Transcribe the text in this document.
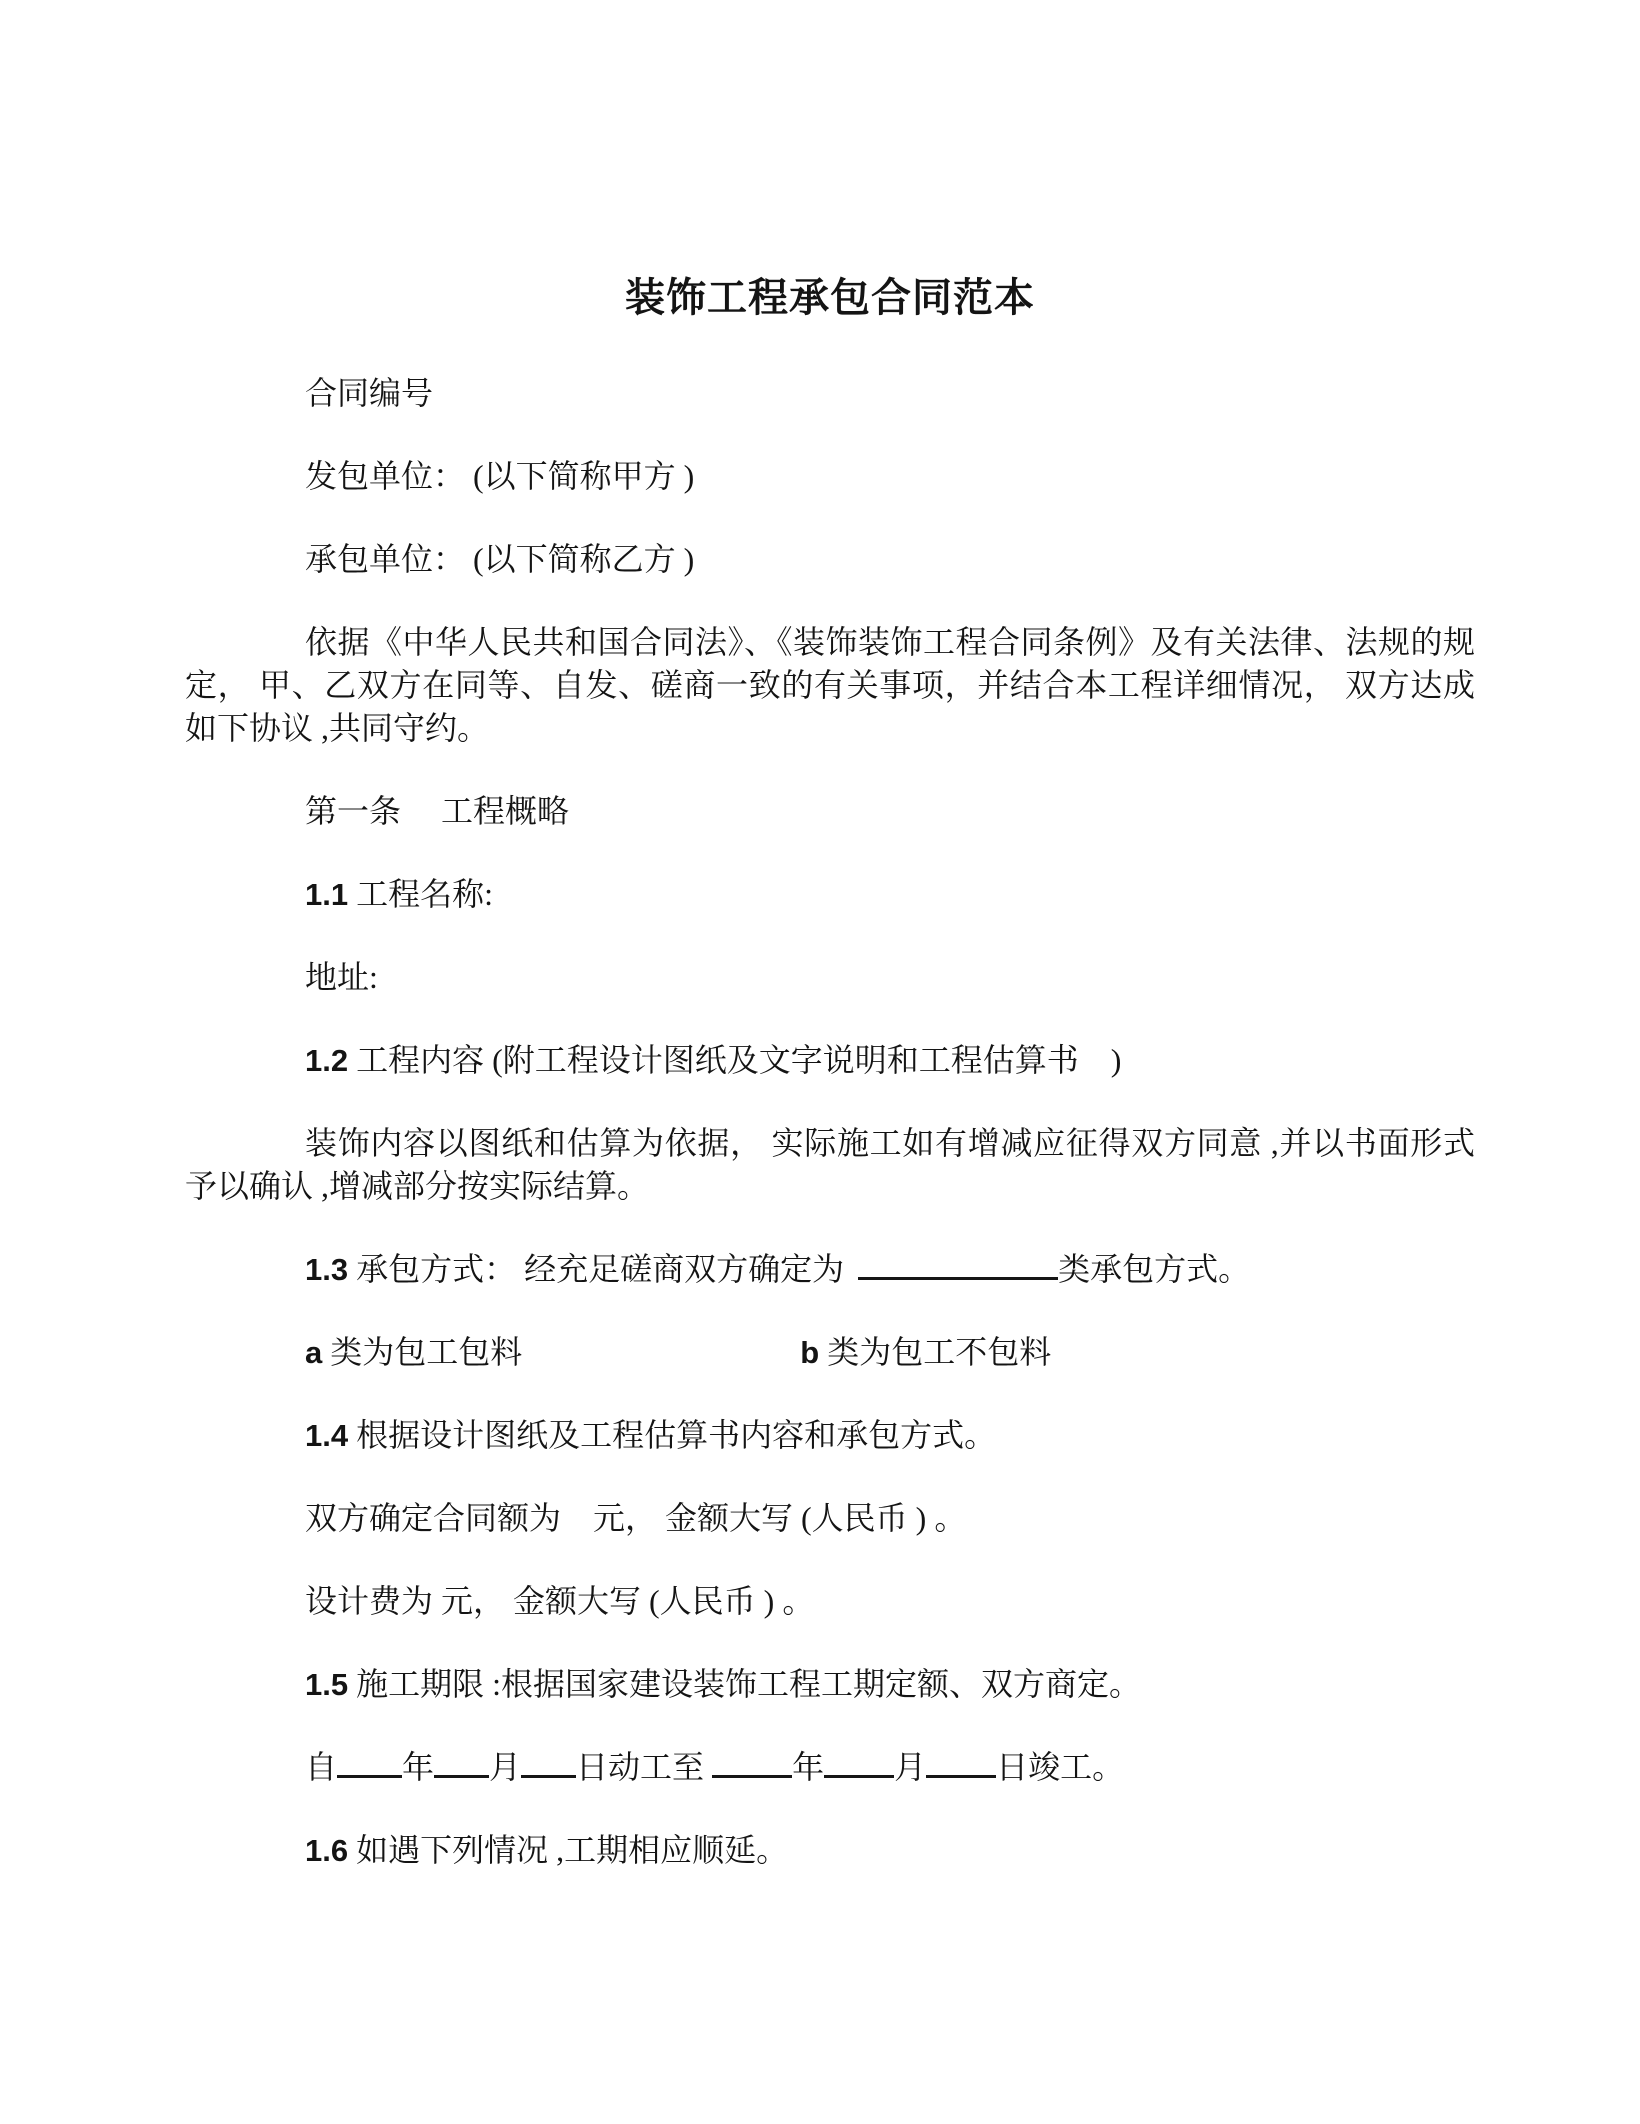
装饰工程承包合同范本
合同编号
发包单位： (以下简称甲方 )
承包单位： (以下简称乙方 )
依据《中华人民共和国合同法》、《装饰装饰工程合同条例》及有关法律、法规的规定， 甲、乙双方在同等、自发、磋商一致的有关事项，并结合本工程详细情况， 双方达成如下协议 ,共同守约。
第一条　 工程概略
1.1 工程名称:
地址:
1.2 工程内容 (附工程设计图纸及文字说明和工程估算书　)
装饰内容以图纸和估算为依据， 实际施工如有增减应征得双方同意 ,并以书面形式予以确认 ,增减部分按实际结算。
1.3 承包方式： 经充足磋商双方确定为	类承包方式。
a 类为包工包料	b 类为包工不包料
1.4 根据设计图纸及工程估算书内容和承包方式。
双方确定合同额为　元， 金额大写 (人民币 ) 。
设计费为 元， 金额大写 (人民币 ) 。
1.5 施工期限 :根据国家建设装饰工程工期定额、双方商定。
自 年 月 日动工至	年 月 日竣工。
1.6 如遇下列情况 ,工期相应顺延。
